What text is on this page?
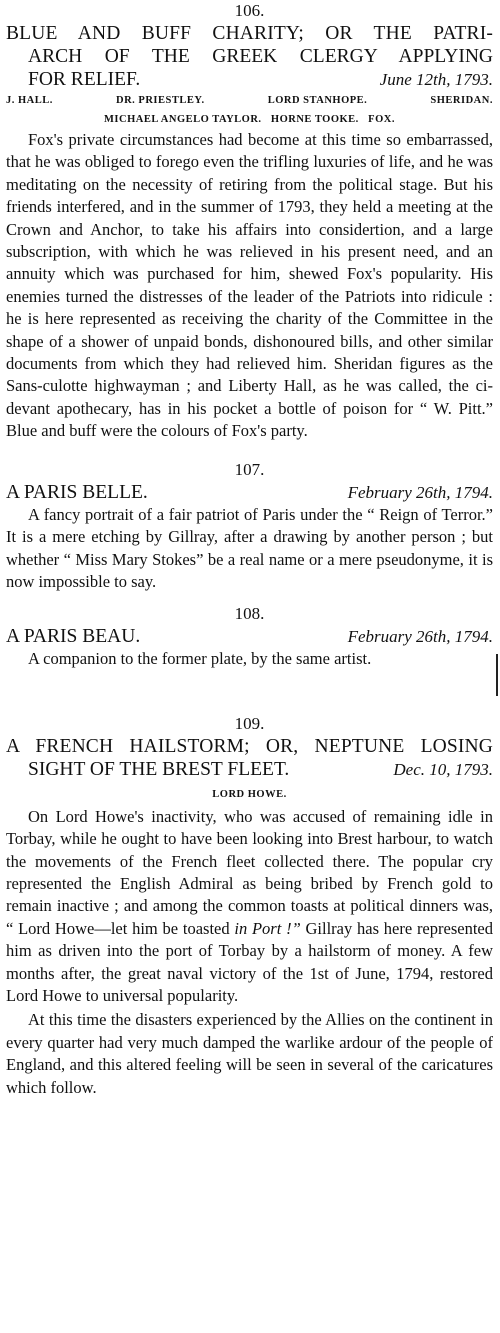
106.
BLUE AND BUFF CHARITY; OR THE PATRI-
ARCH OF THE GREEK CLERGY APPLYING
FOR RELIEF.	June 12th, 1793.
J. HALL.	DR. PRIESTLEY.	LORD STANHOPE.	SHERIDAN.
MICHAEL ANGELO TAYLOR.   HORNE TOOKE.   FOX.

Fox's private circumstances had become at this time so embarrassed, that he was obliged to forego even the trifling luxuries of life, and he was meditating on the necessity of retiring from the political stage. But his friends interfered, and in the summer of 1793, they held a meeting at the Crown and Anchor, to take his affairs into considertion, and a large subscription, with which he was relieved in his present need, and an annuity which was purchased for him, shewed Fox's popularity. His enemies turned the distresses of the leader of the Patriots into ridicule : he is here represented as receiving the charity of the Committee in the shape of a shower of unpaid bonds, dishonoured bills, and other similar documents from which they had relieved him. Sheridan figures as the Sans-culotte highwayman ; and Liberty Hall, as he was called, the ci-devant apothecary, has in his pocket a bottle of poison for “ W. Pitt.” Blue and buff were the colours of Fox's party.

107.
A PARIS BELLE.	February 26th, 1794.

A fancy portrait of a fair patriot of Paris under the “ Reign of Terror.” It is a mere etching by Gillray, after a drawing by another person ; but whether “ Miss Mary Stokes” be a real name or a mere pseudonyme, it is now impossible to say.

108.
A PARIS BEAU.	February 26th, 1794.

A companion to the former plate, by the same artist.

109.
A FRENCH HAILSTORM; OR, NEPTUNE LOSING
SIGHT OF THE BREST FLEET.	Dec. 10, 1793.
LORD HOWE.

On Lord Howe's inactivity, who was accused of remaining idle in Torbay, while he ought to have been looking into Brest harbour, to watch the movements of the French fleet collected there. The popular cry represented the English Admiral as being bribed by French gold to remain inactive ; and among the common toasts at political dinners was, “ Lord Howe—let him be toasted in Port !” Gillray has here represented him as driven into the port of Torbay by a hailstorm of money. A few months after, the great naval victory of the 1st of June, 1794, restored Lord Howe to universal popularity.

At this time the disasters experienced by the Allies on the continent in every quarter had very much damped the warlike ardour of the people of England, and this altered feeling will be seen in several of the caricatures which follow.
